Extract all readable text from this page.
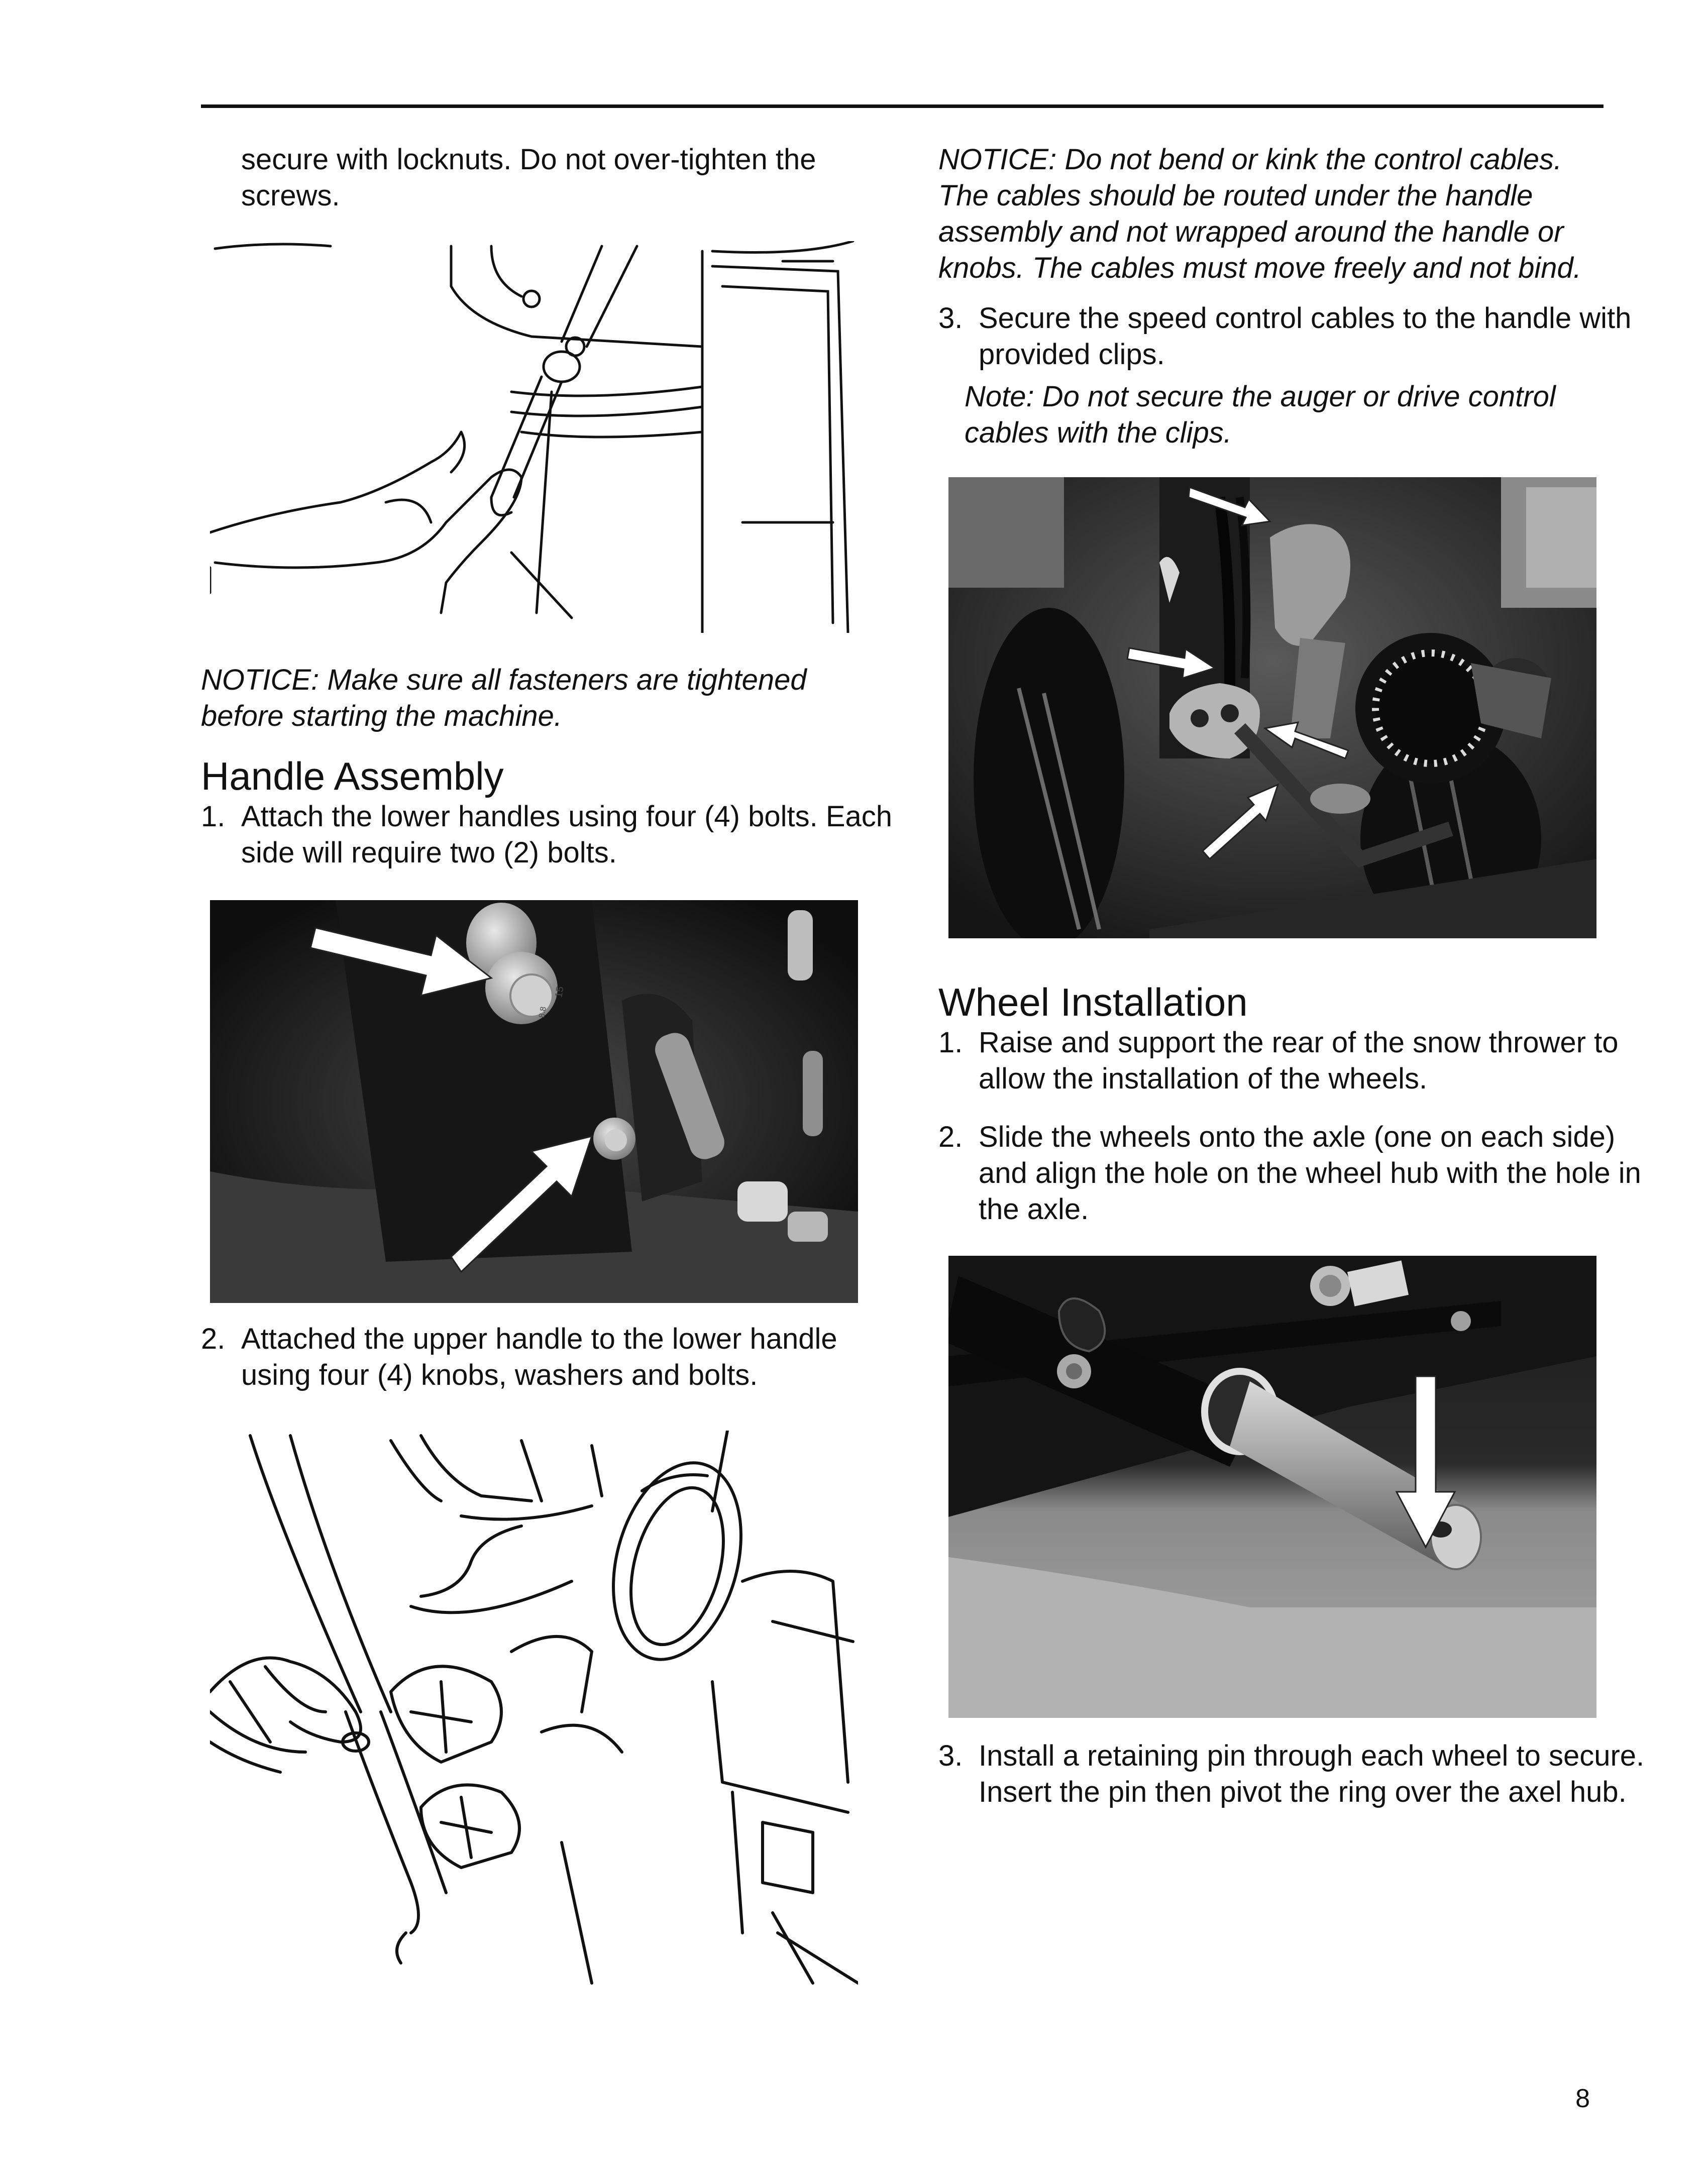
secure with locknuts. Do not over-tighten the screws.

NOTICE: Make sure all fasteners are tightened before starting the machine.

Handle Assembly
1. Attach the lower handles using four (4) bolts. Each side will require two (2) bolts.
15
8.8
2. Attached the upper handle to the lower handle using four (4) knobs, washers and bolts.

NOTICE: Do not bend or kink the control cables. The cables should be routed under the handle assembly and not wrapped around the handle or knobs. The cables must move freely and not bind.

3. Secure the speed control cables to the handle with provided clips.

Note: Do not secure the auger or drive control cables with the clips.

Wheel Installation
1. Raise and support the rear of the snow thrower to allow the installation of the wheels.
2. Slide the wheels onto the axle (one on each side) and align the hole on the wheel hub with the hole in the axle.
3. Install a retaining pin through each wheel to secure. Insert the pin then pivot the ring over the axel hub.
8
